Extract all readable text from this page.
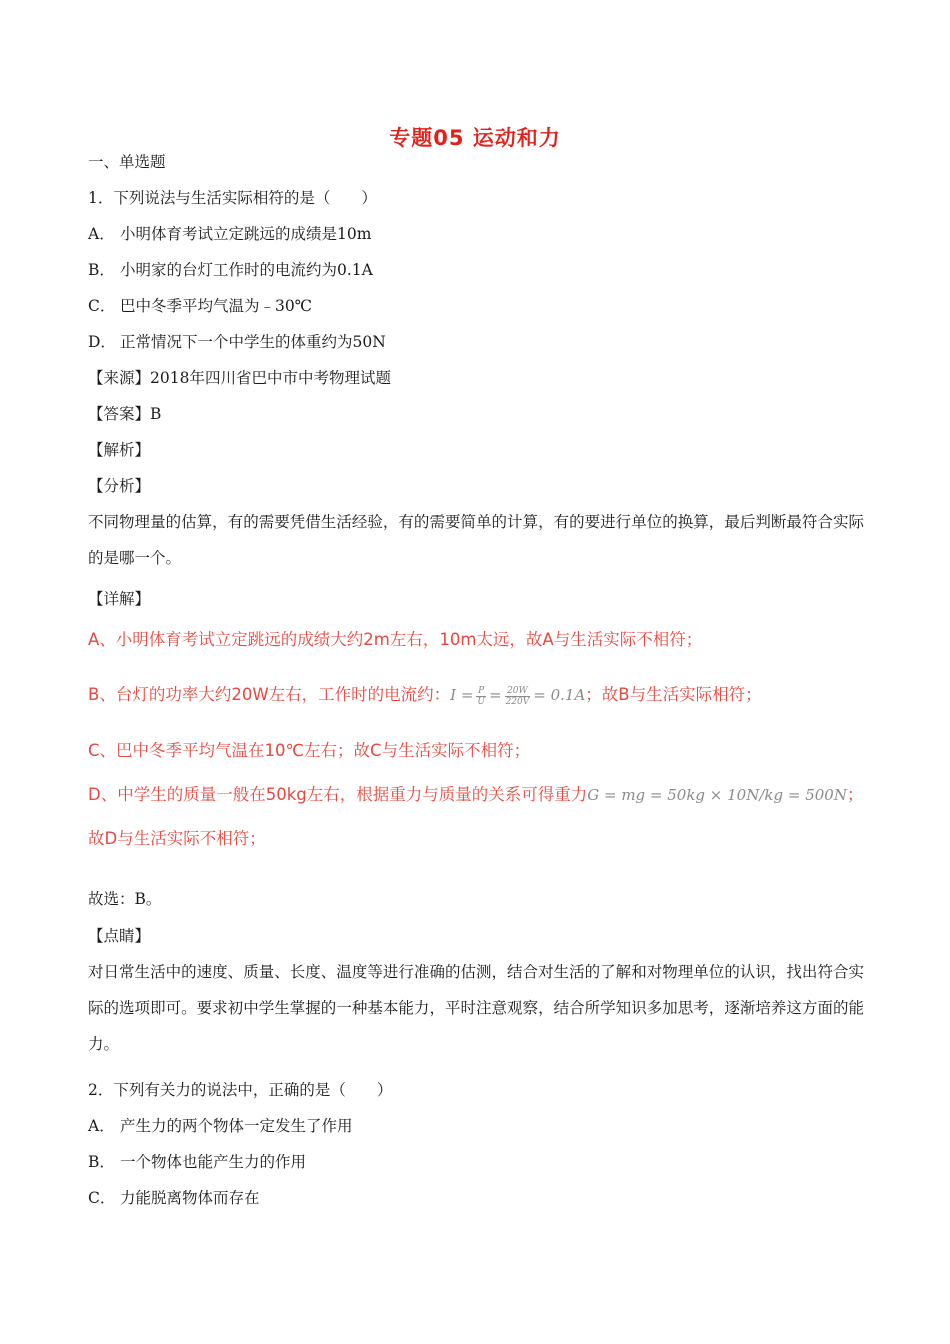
专题05 运动和力
一、单选题
1．下列说法与生活实际相符的是（　　）
A． 小明体育考试立定跳远的成绩是10m
B． 小明家的台灯工作时的电流约为0.1A
C． 巴中冬季平均气温为﹣30℃
D． 正常情况下一个中学生的体重约为50N
【来源】2018年四川省巴中市中考物理试题
【答案】B
【解析】
【分析】
不同物理量的估算，有的需要凭借生活经验，有的需要简单的计算，有的要进行单位的换算，最后判断最符合实际的是哪一个。
【详解】
A、小明体育考试立定跳远的成绩大约2m左右，10m太远，故A与生活实际不相符；
B、台灯的功率大约20W左右，工作时的电流约：$I = \frac{P}{U} = \frac{20W}{220V} = 0.1A$；故B与生活实际相符；
C、巴中冬季平均气温在10℃左右；故C与生活实际不相符；
D、中学生的质量一般在50kg左右，根据重力与质量的关系可得重力G = mg = 50kg × 10N/kg = 500N；
故D与生活实际不相符；
故选：B。
【点睛】
对日常生活中的速度、质量、长度、温度等进行准确的估测，结合对生活的了解和对物理单位的认识，找出符合实际的选项即可。要求初中学生掌握的一种基本能力，平时注意观察，结合所学知识多加思考，逐渐培养这方面的能力。
2．下列有关力的说法中，正确的是（　　）
A． 产生力的两个物体一定发生了作用
B． 一个物体也能产生力的作用
C． 力能脱离物体而存在
